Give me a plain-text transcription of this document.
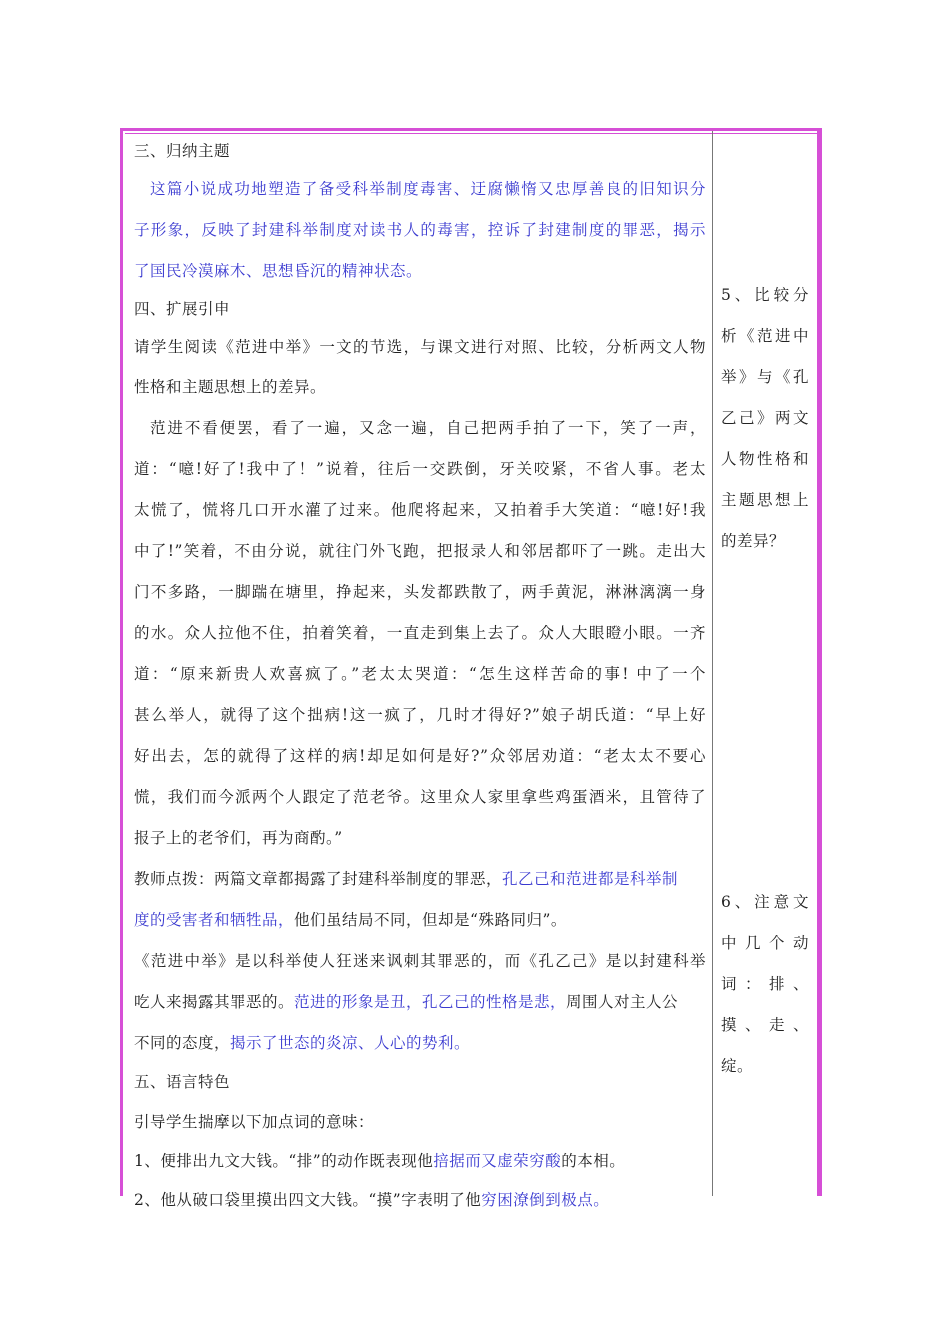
三、归纳主题
这篇小说成功地塑造了备受科举制度毒害、迂腐懒惰又忠厚善良的旧知识分
子形象，反映了封建科举制度对读书人的毒害，控诉了封建制度的罪恶，揭示
了国民冷漠麻木、思想昏沉的精神状态。
四、扩展引申
请学生阅读《范进中举》一文的节选，与课文进行对照、比较，分析两文人物
性格和主题思想上的差异。
范进不看便罢，看了一遍，又念一遍，自己把两手拍了一下，笑了一声，
道：“噫!好了!我中了！”说着，往后一交跌倒，牙关咬紧，不省人事。老太
太慌了，慌将几口开水灌了过来。他爬将起来，又拍着手大笑道：“噫!好!我
中了!”笑着，不由分说，就往门外飞跑，把报录人和邻居都吓了一跳。走出大
门不多路，一脚踹在塘里，挣起来，头发都跌散了，两手黄泥，淋淋漓漓一身
的水。众人拉他不住，拍着笑着，一直走到集上去了。众人大眼瞪小眼。一齐
道：“原来新贵人欢喜疯了。”老太太哭道：“怎生这样苦命的事! 中了一个
甚么举人，就得了这个拙病!这一疯了，几时才得好?”娘子胡氏道：“早上好
好出去，怎的就得了这样的病!却足如何是好?”众邻居劝道：“老太太不要心
慌，我们而今派两个人跟定了范老爷。这里众人家里拿些鸡蛋酒米，且管待了
报子上的老爷们，再为商酌。”
教师点拨：两篇文章都揭露了封建科举制度的罪恶，孔乙己和范进都是科举制
度的受害者和牺牲品，他们虽结局不同，但却是“殊路同归”。
《范进中举》是以科举使人狂迷来讽刺其罪恶的，而《孔乙己》是以封建科举
吃人来揭露其罪恶的。范进的形象是丑，孔乙己的性格是悲，周围人对主人公
不同的态度，揭示了世态的炎凉、人心的势利。
五、语言特色
引导学生揣摩以下加点词的意味：
1、便排出九文大钱。“排”的动作既表现他掊据而又虚荣穷酸的本相。
2、他从破口袋里摸出四文大钱。“摸”字表明了他穷困潦倒到极点。
5、比较分
析《范进中
举》与《孔
乙己》两文
人物性格和
主题思想上
的差异？
6、注意文
中几个动
词：排、
摸、走、
绽。
